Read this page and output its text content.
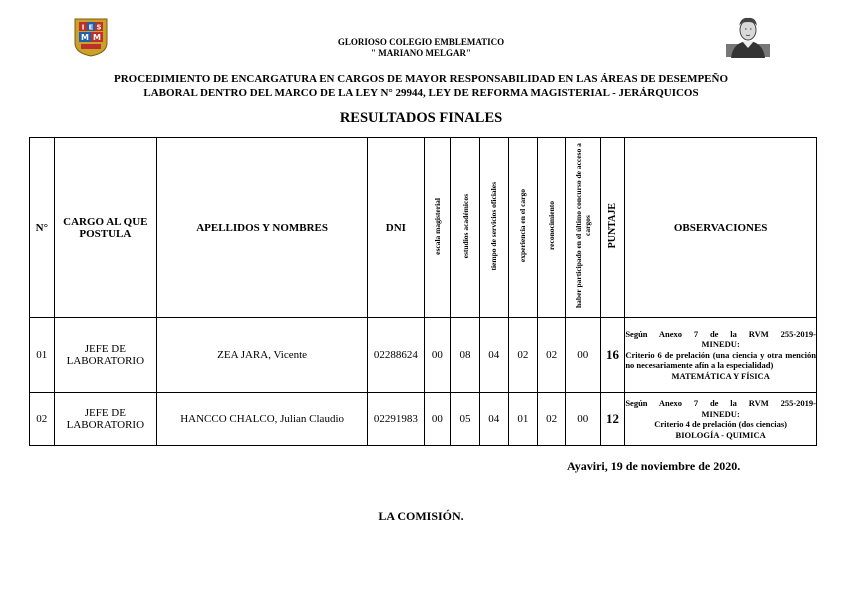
I E S
M M	GLORIOSO COLEGIO EMBLEMATICO
" MARIANO MELGAR"
PROCEDIMIENTO DE ENCARGATURA EN CARGOS DE MAYOR RESPONSABILIDAD EN LAS ÁREAS DE DESEMPEÑO
LABORAL DENTRO DEL MARCO DE LA LEY N° 29944, LEY DE REFORMA MAGISTERIAL - JERÁRQUICOS
RESULTADOS FINALES
N°	CARGO AL QUE POSTULA	APELLIDOS Y NOMBRES	DNI	escala magisterial	estudios académicos	tiempo de servicios oficiales	experiencia en el cargo	reconocimiento	haber participado en el último concurso de acceso a cargos	PUNTAJE	OBSERVACIONES
01	JEFE DE LABORATORIO	ZEA JARA, Vicente	02288624	00	08	04	02	02	00	16	Según Anexo 7 de la RVM 255-2019-
MINEDU:
Criterio 6 de prelación (una ciencia y otra mención no necesariamente afín a la especialidad)
MATEMÁTICA Y FÍSICA

02	JEFE DE LABORATORIO	HANCCO CHALCO, Julian Claudio	02291983	00	05	04	01	02	00	12	Según Anexo 7 de la RVM 255-2019-
MINEDU:
Criterio 4 de prelación (dos ciencias)
BIOLOGÍA - QUIMICA
Ayaviri, 19 de noviembre de 2020.
LA COMISIÓN.
